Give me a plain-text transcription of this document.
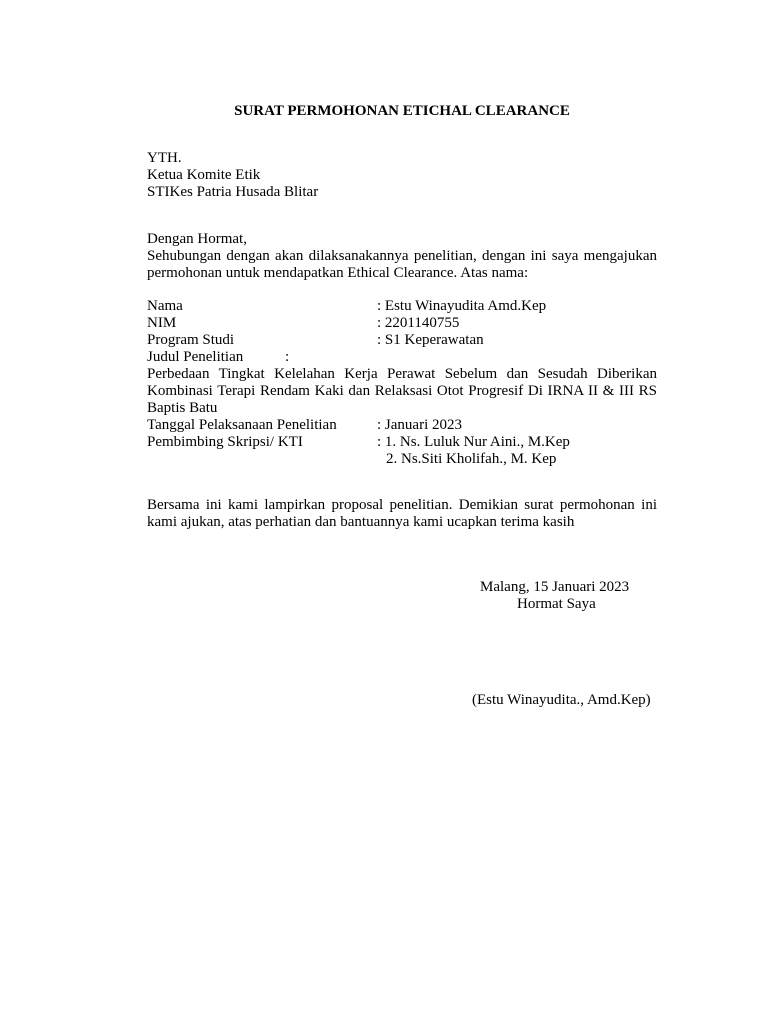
SURAT PERMOHONAN ETICHAL CLEARANCE
YTH.
Ketua Komite Etik
STIKes Patria Husada Blitar
Dengan Hormat,
Sehubungan dengan akan dilaksanakannya penelitian, dengan ini saya mengajukan permohonan untuk mendapatkan Ethical Clearance. Atas nama:
Nama	: Estu Winayudita Amd.Kep
NIM	: 2201140755
Program Studi	: S1 Keperawatan
Judul Penelitian	:
Perbedaan Tingkat Kelelahan Kerja Perawat Sebelum dan Sesudah Diberikan Kombinasi Terapi Rendam Kaki dan Relaksasi Otot Progresif Di IRNA II & III RS Baptis Batu
Tanggal Pelaksanaan Penelitian	: Januari 2023
Pembimbing Skripsi/ KTI	: 1. Ns. Luluk Nur Aini., M.Kep
2. Ns.Siti Kholifah., M. Kep
Bersama ini kami lampirkan proposal penelitian. Demikian surat permohonan ini kami ajukan, atas perhatian dan bantuannya kami ucapkan terima kasih
Malang, 15 Januari 2023
Hormat Saya
(Estu Winayudita., Amd.Kep)
